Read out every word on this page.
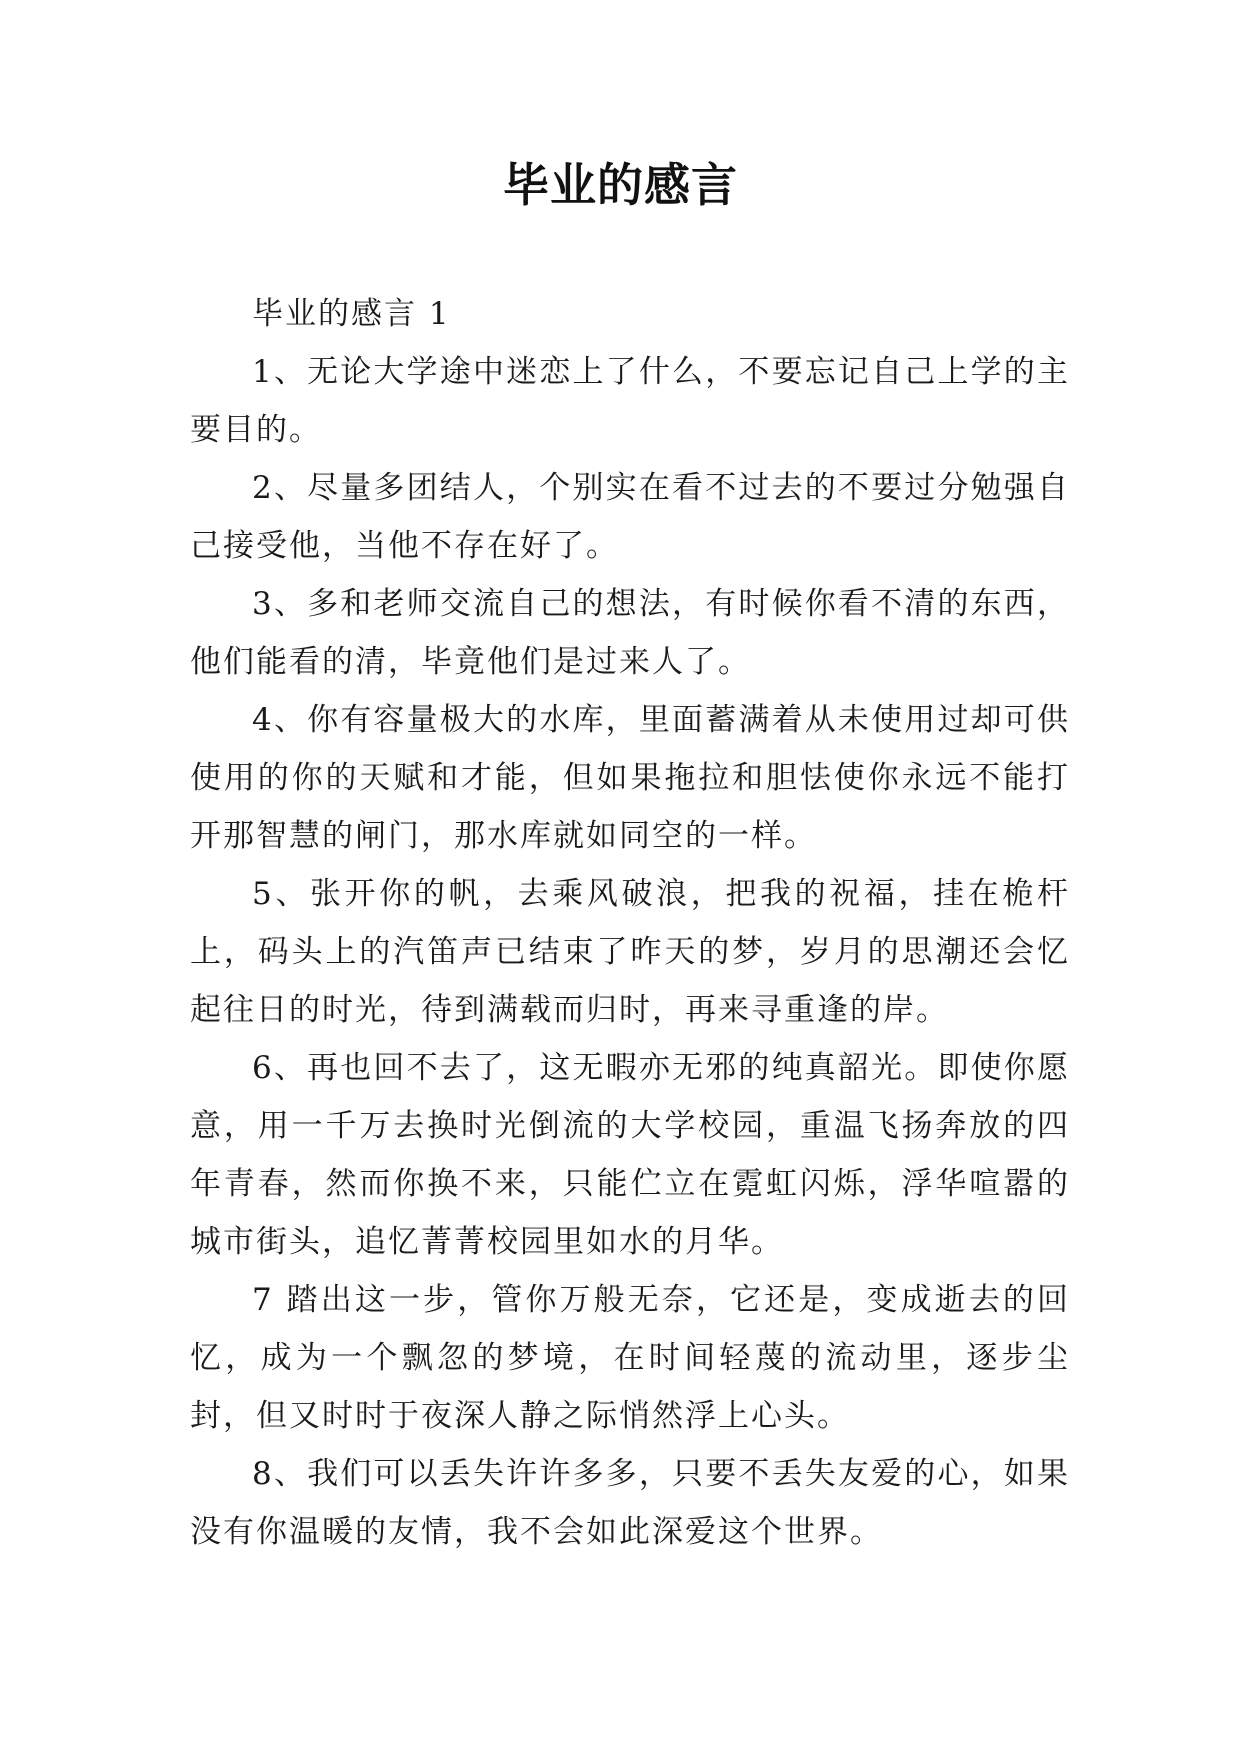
毕业的感言

毕业的感言 1

1、无论大学途中迷恋上了什么，不要忘记自己上学的主要目的。

2、尽量多团结人，个别实在看不过去的不要过分勉强自己接受他，当他不存在好了。

3、多和老师交流自己的想法，有时候你看不清的东西，他们能看的清，毕竟他们是过来人了。

4、你有容量极大的水库，里面蓄满着从未使用过却可供使用的你的天赋和才能，但如果拖拉和胆怯使你永远不能打开那智慧的闸门，那水库就如同空的一样。

5、张开你的帆，去乘风破浪，把我的祝福，挂在桅杆上，码头上的汽笛声已结束了昨天的梦，岁月的思潮还会忆起往日的时光，待到满载而归时，再来寻重逢的岸。

6、再也回不去了，这无暇亦无邪的纯真韶光。即使你愿意，用一千万去换时光倒流的大学校园，重温飞扬奔放的四年青春，然而你换不来，只能伫立在霓虹闪烁，浮华喧嚣的城市街头，追忆菁菁校园里如水的月华。

7 踏出这一步，管你万般无奈，它还是，变成逝去的回忆，成为一个飘忽的梦境，在时间轻蔑的流动里，逐步尘封，但又时时于夜深人静之际悄然浮上心头。

8、我们可以丢失许许多多，只要不丢失友爱的心，如果没有你温暖的友情，我不会如此深爱这个世界。
